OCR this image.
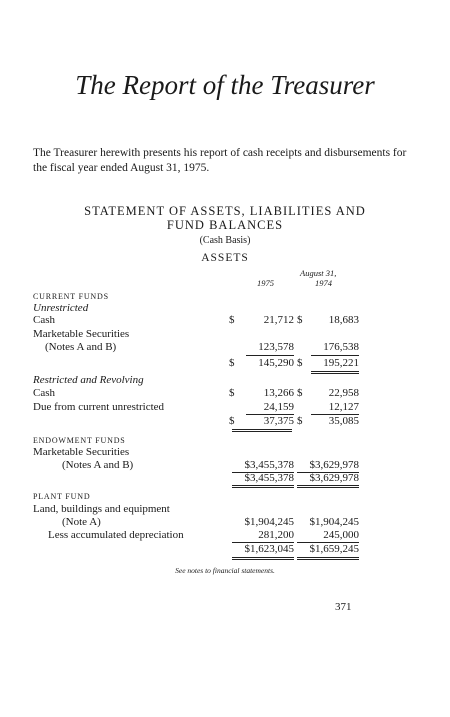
The Report of the Treasurer
The Treasurer herewith presents his report of cash receipts and disbursements for the fiscal year ended August 31, 1975.
STATEMENT OF ASSETS, LIABILITIES AND
FUND BALANCES
(Cash Basis)
ASSETS
August 31,
1975	1974
CURRENT FUNDS
Unrestricted
Cash	$	21,712 $	18,683
Marketable Securities
(Notes A and B)	123,578	176,538
$	145,290 $	195,221
Restricted and Revolving
Cash	$	13,266 $	22,958
Due from current unrestricted	24,159	12,127
$	37,375 $	35,085
ENDOWMENT FUNDS
Marketable Securities
(Notes A and B)	$3,455,378	$3,629,978
$3,455,378	$3,629,978
PLANT FUND
Land, buildings and equipment
(Note A)	$1,904,245	$1,904,245
Less accumulated depreciation	281,200	245,000
$1,623,045	$1,659,245
See notes to financial statements.
371
